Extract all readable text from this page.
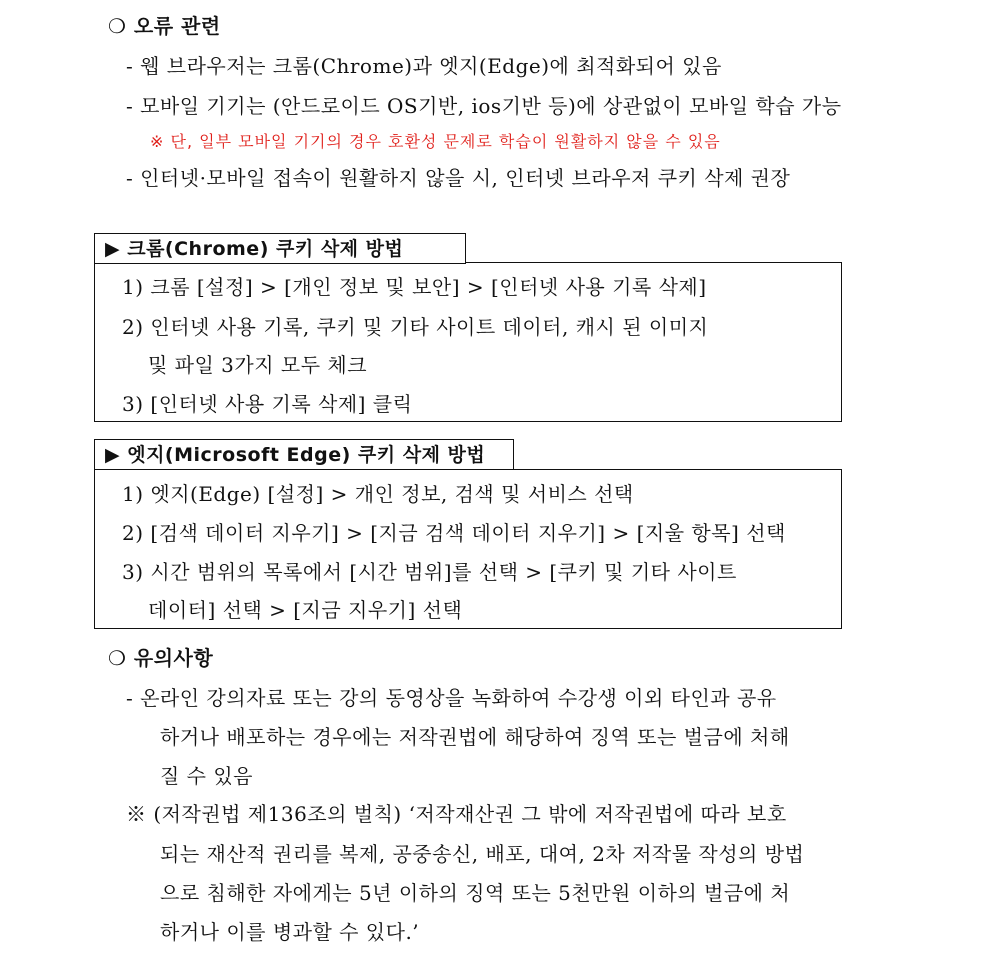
❍ 오류 관련
- 웹 브라우저는 크롬(Chrome)과 엣지(Edge)에 최적화되어 있음
- 모바일 기기는 (안드로이드 OS기반, ios기반 등)에 상관없이 모바일 학습 가능
※ 단, 일부 모바일 기기의 경우 호환성 문제로 학습이 원활하지 않을 수 있음
- 인터넷·모바일 접속이 원활하지 않을 시, 인터넷 브라우저 쿠키 삭제 권장
1) 크롬 [설정] > [개인 정보 및 보안] > [인터넷 사용 기록 삭제]
2) 인터넷 사용 기록, 쿠키 및 기타 사이트 데이터, 캐시 된 이미지
및 파일 3가지 모두 체크
3) [인터넷 사용 기록 삭제] 클릭
▶ 크롬(Chrome) 쿠키 삭제 방법
1) 엣지(Edge) [설정] > 개인 정보, 검색 및 서비스 선택
2) [검색 데이터 지우기] > [지금 검색 데이터 지우기] > [지울 항목] 선택
3) 시간 범위의 목록에서 [시간 범위]를 선택 > [쿠키 및 기타 사이트
데이터] 선택 > [지금 지우기] 선택
▶ 엣지(Microsoft Edge) 쿠키 삭제 방법
❍ 유의사항
- 온라인 강의자료 또는 강의 동영상을 녹화하여 수강생 이외 타인과 공유
하거나 배포하는 경우에는 저작권법에 해당하여 징역 또는 벌금에 처해
질 수 있음
※ (저작권법 제136조의 벌칙) ‘저작재산권 그 밖에 저작권법에 따라 보호
되는 재산적 권리를 복제, 공중송신, 배포, 대여, 2차 저작물 작성의 방법
으로 침해한 자에게는 5년 이하의 징역 또는 5천만원 이하의 벌금에 처
하거나 이를 병과할 수 있다.’
